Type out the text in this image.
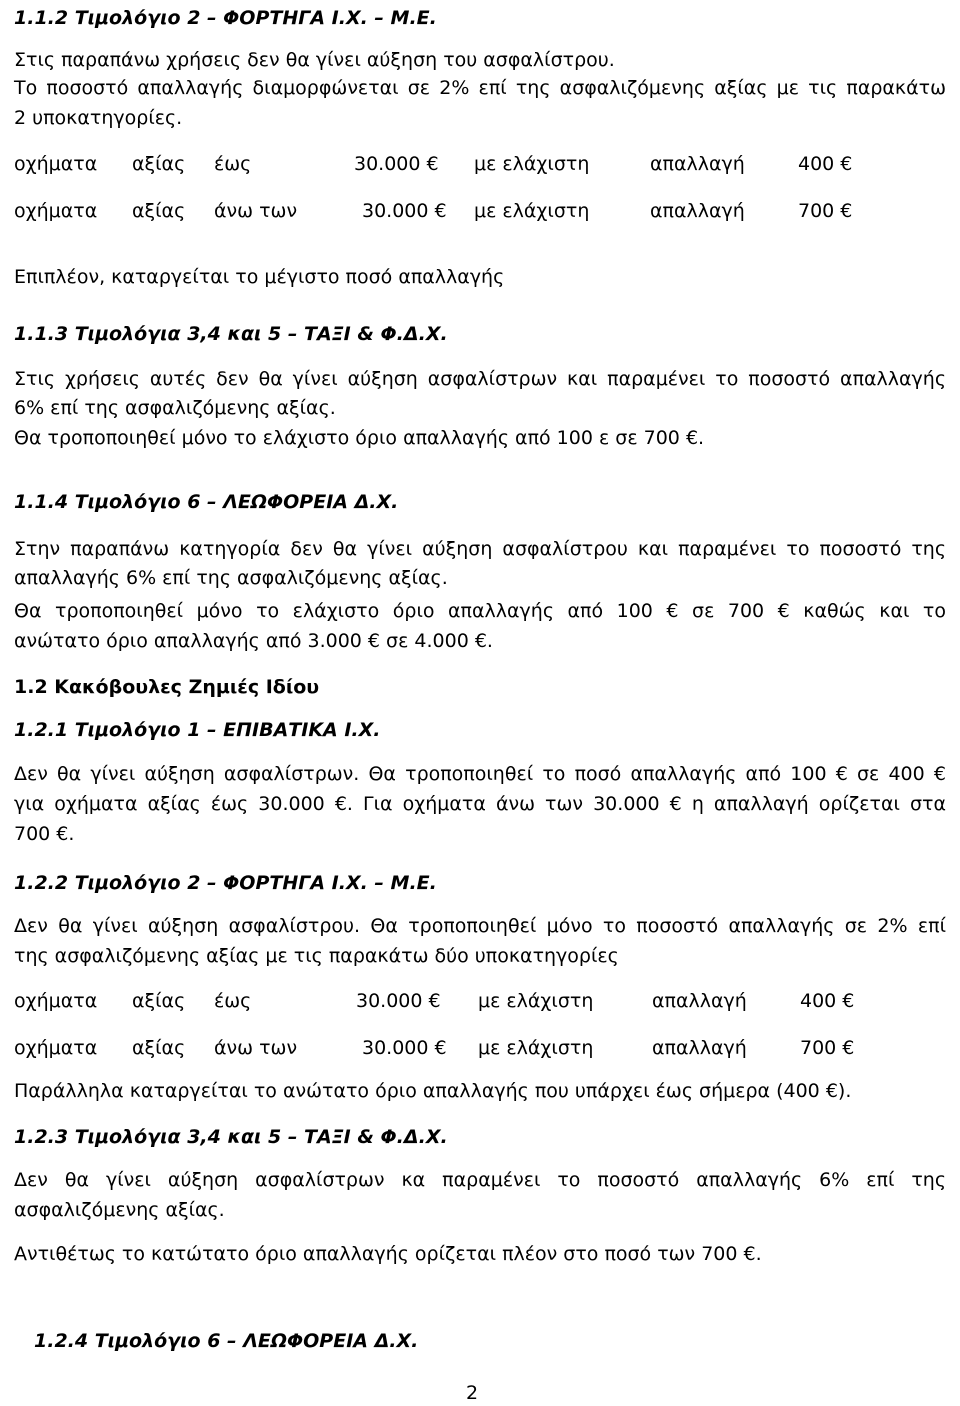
1.1.2 Τιμολόγιο 2 – ΦΟΡΤΗΓΑ Ι.Χ. – Μ.Ε.
Στις παραπάνω χρήσεις δεν θα γίνει αύξηση του ασφαλίστρου.
Το ποσοστό απαλλαγής διαμορφώνεται σε 2% επί της ασφαλιζόμενης αξίας με τις παρακάτω
2 υποκατηγορίες.
οχήματα αξίας έως	30.000 € με ελάχιστη	απαλλαγή	400 €
οχήματα αξίας άνω των	30.000 € με ελάχιστη	απαλλαγή	700 €
Επιπλέον, καταργείται το μέγιστο ποσό απαλλαγής
1.1.3 Τιμολόγια 3,4 και 5 – ΤΑΞΙ & Φ.Δ.Χ.
Στις χρήσεις αυτές δεν θα γίνει αύξηση ασφαλίστρων και παραμένει το ποσοστό απαλλαγής
6% επί της ασφαλιζόμενης αξίας.
Θα τροποποιηθεί μόνο το ελάχιστο όριο απαλλαγής από 100 ε σε 700 €.
1.1.4 Τιμολόγιο 6 – ΛΕΩΦΟΡΕΙΑ Δ.Χ.
Στην παραπάνω κατηγορία δεν θα γίνει αύξηση ασφαλίστρου και παραμένει το ποσοστό της
απαλλαγής 6% επί της ασφαλιζόμενης αξίας.
Θα τροποποιηθεί μόνο το ελάχιστο όριο απαλλαγής από 100 € σε 700 € καθώς και το
ανώτατο όριο απαλλαγής από 3.000 € σε 4.000 €.
1.2 Κακόβουλες Ζημιές Ιδίου
1.2.1 Τιμολόγιο 1 – ΕΠΙΒΑΤΙΚΑ Ι.Χ.
Δεν θα γίνει αύξηση ασφαλίστρων. Θα τροποποιηθεί το ποσό απαλλαγής από 100 € σε 400 €
για οχήματα αξίας έως 30.000 €. Για οχήματα άνω των 30.000 € η απαλλαγή ορίζεται στα
700 €.
1.2.2 Τιμολόγιο 2 – ΦΟΡΤΗΓΑ Ι.Χ. – Μ.Ε.
Δεν θα γίνει αύξηση ασφαλίστρου. Θα τροποποιηθεί μόνο το ποσοστό απαλλαγής σε 2% επί
της ασφαλιζόμενης αξίας με τις παρακάτω δύο υποκατηγορίες
οχήματα αξίας έως	30.000 € με ελάχιστη	απαλλαγή	400 €
οχήματα αξίας άνω των	30.000 € με ελάχιστη	απαλλαγή	700 €
Παράλληλα καταργείται το ανώτατο όριο απαλλαγής που υπάρχει έως σήμερα (400 €).
1.2.3 Τιμολόγια 3,4 και 5 – ΤΑΞΙ & Φ.Δ.Χ.
Δεν θα γίνει αύξηση ασφαλίστρων κα παραμένει το ποσοστό απαλλαγής 6% επί της
ασφαλιζόμενης αξίας.
Αντιθέτως το κατώτατο όριο απαλλαγής ορίζεται πλέον στο ποσό των 700 €.
1.2.4 Τιμολόγιο 6 – ΛΕΩΦΟΡΕΙΑ Δ.Χ.
2
